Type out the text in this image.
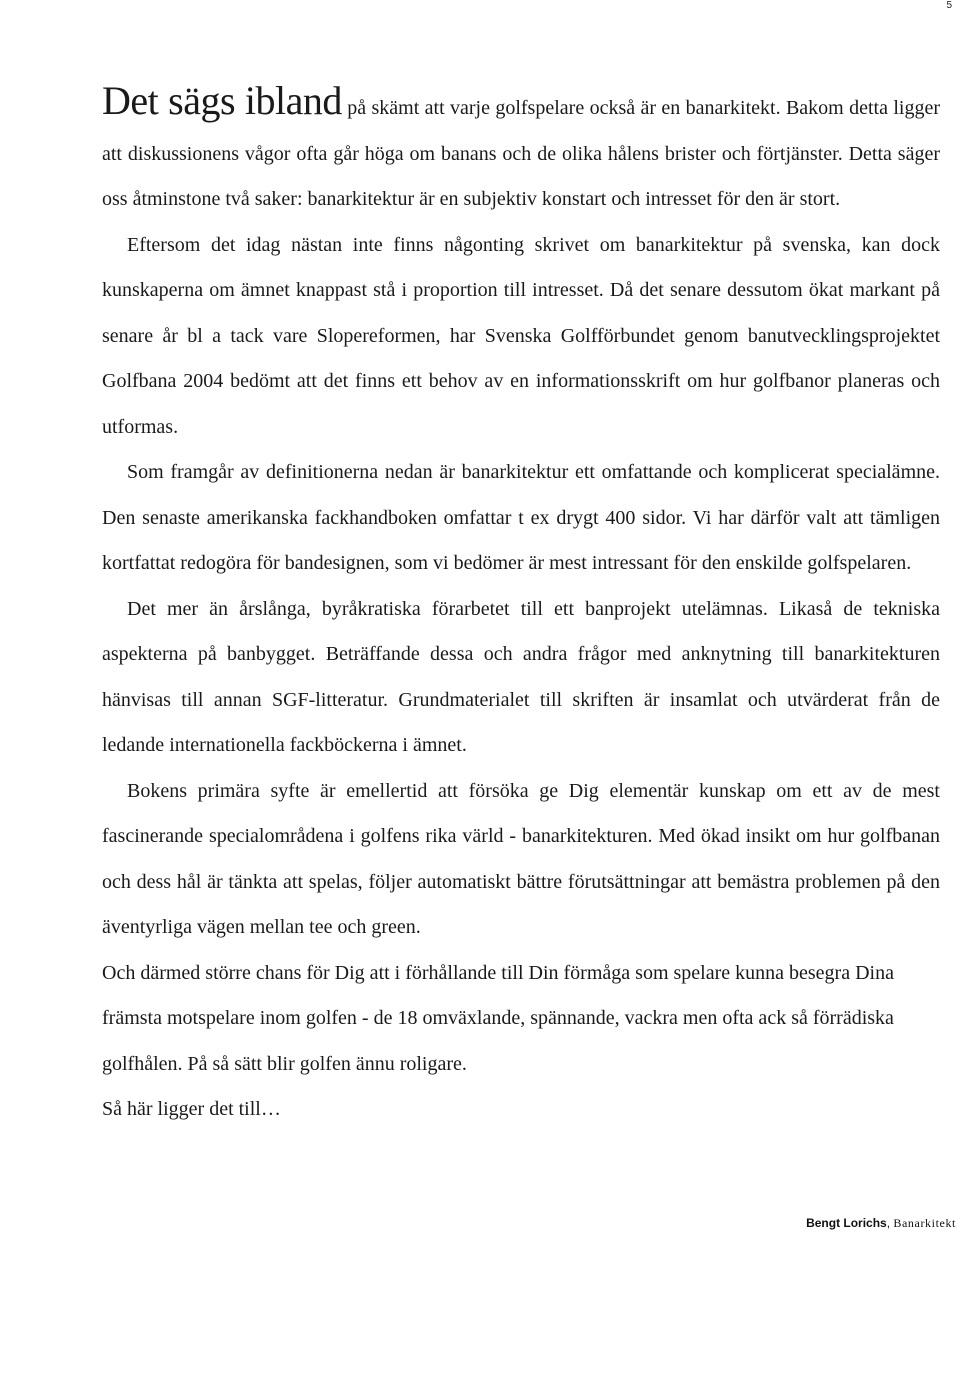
5

Det sägs ibland på skämt att varje golfspelare också är en banarkitekt. Bakom detta ligger att diskussionens vågor ofta går höga om banans och de olika hålens brister och förtjänster. Detta säger oss åtminstone två saker: banarkitektur är en subjektiv konstart och intresset för den är stort.

Eftersom det idag nästan inte finns någonting skrivet om banarkitektur på svenska, kan dock kunskaperna om ämnet knappast stå i proportion till intresset. Då det senare dessutom ökat markant på senare år bl a tack vare Slopereformen, har Svenska Golfförbundet genom banutvecklingsprojektet Golfbana 2004 bedömt att det finns ett behov av en informationsskrift om hur golfbanor planeras och utformas.

Som framgår av definitionerna nedan är banarkitektur ett omfattande och komplicerat specialämne. Den senaste amerikanska fackhandboken omfattar t ex drygt 400 sidor. Vi har därför valt att tämligen kortfattat redogöra för bandesignen, som vi bedömer är mest intressant för den enskilde golfspelaren.

Det mer än årslånga, byråkratiska förarbetet till ett banprojekt utelämnas. Likaså de tekniska aspekterna på banbygget. Beträffande dessa och andra frågor med anknytning till banarkitekturen hänvisas till annan SGF-litteratur. Grundmaterialet till skriften är insamlat och utvärderat från de ledande internationella fackböckerna i ämnet.

Bokens primära syfte är emellertid att försöka ge Dig elementär kunskap om ett av de mest fascinerande specialområdena i golfens rika värld - banarkitekturen. Med ökad insikt om hur golfbanan och dess hål är tänkta att spelas, följer automatiskt bättre förutsättningar att bemästra problemen på den äventyrliga vägen mellan tee och green.

Och därmed större chans för Dig att i förhållande till Din förmåga som spelare kunna besegra Dina främsta motspelare inom golfen - de 18 omväxlande, spännande, vackra men ofta ack så förrädiska golfhålen. På så sätt blir golfen ännu roligare.

Så här ligger det till…

Bengt Lorichs, Banarkitekt
